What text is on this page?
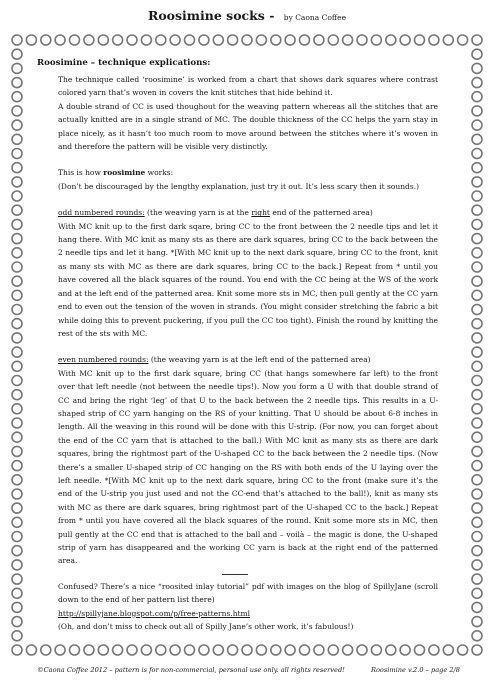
Roosimine socks - by Caona Coffee
Roosimine – technique explications:

The technique called ‘roosimine’ is worked from a chart that shows dark squares where contrast colored yarn that’s woven in covers the knit stitches that hide behind it.

A double strand of CC is used thoughout for the weaving pattern whereas all the stitches that are actually knitted are in a single strand of MC. The double thickness of the CC helps the yarn stay in place nicely, as it hasn’t too much room to move around between the stitches where it’s woven in and therefore the pattern will be visible very distinctly.

This is how roosimine works:

(Don’t be discouraged by the lengthy explanation, just try it out. It’s less scary then it sounds.)

odd numbered rounds: (the weaving yarn is at the right end of the patterned area)

With MC knit up to the first dark sqare, bring CC to the front between the 2 needle tips and let it hang there. With MC knit as many sts as there are dark squares, bring CC to the back between the 2 needle tips and let it hang. *[With MC knit up to the next dark square, bring CC to the front, knit as many sts with MC as there are dark squares, bring CC to the back.] Repeat from * until you have covered all the black squares of the round. You end with the CC being at the WS of the work and at the left end of the patterned area. Knit some more sts in MC, then pull gently at the CC yarn end to even out the tension of the woven in strands. (You might consider stretching the fabric a bit while doing this to prevent puckering, if you pull the CC too tight). Finish the round by knitting the rest of the sts with MC.

even numbered rounds: (the weaving yarn is at the left end of the patterned area)

With MC knit up to the first dark square, bring CC (that hangs somewhere far left) to the front over that left needle (not between the needle tips!). Now you form a U with that double strand of CC and bring the right ‘leg’ of that U to the back between the 2 needle tips. This results in a U-shaped strip of CC yarn hanging on the RS of your knitting. That U should be about 6-8 inches in length. All the weaving in this round will be done with this U-strip. (For now, you can forget about the end of the CC yarn that is attached to the ball.) With MC knit as many sts as there are dark squares, bring the rightmost part of the U-shaped CC to the back between the 2 needle tips. (Now there’s a smaller U-shaped strip of CC hanging on the RS with both ends of the U laying over the left needle. *[With MC knit up to the next dark square, bring CC to the front (make sure it’s the end of the U-strip you just used and not the CC-end that’s attached to the ball!), knit as many sts with MC as there are dark squares, bring rightmost part of the U-shaped CC to the back.] Repeat from * until you have covered all the black squares of the round. Knit some more sts in MC, then pull gently at the CC end that is attached to the ball and – voilà – the magic is done, the U-shaped strip of yarn has disappeared and the working CC yarn is back at the right end of the patterned area.

Confused? There’s a nice “roosited inlay tutorial” pdf with images on the blog of SpillyJane (scroll down to the end of her pattern list there)

http://spillyjane.blogspot.com/p/free-patterns.html

(Oh, and don’t miss to check out all of Spilly Jane’s other work, it’s fabulous!)

©Caona Coffee 2012 – pattern is for non-commercial, personal use only. all rights reserved!	Roosimine v.2.0 – page 2/8
